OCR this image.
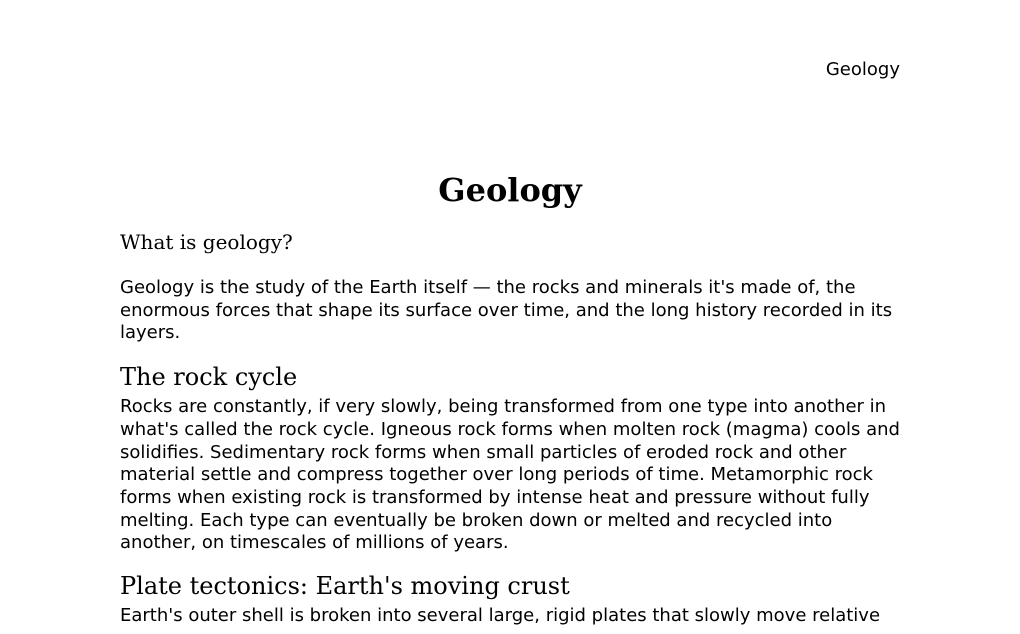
Geology

Geology

What is geology?

Geology is the study of the Earth itself — the rocks and minerals it's made of, the enormous forces that shape its surface over time, and the long history recorded in its layers.

The rock cycle

Rocks are constantly, if very slowly, being transformed from one type into another in what's called the rock cycle. Igneous rock forms when molten rock (magma) cools and solidifies. Sedimentary rock forms when small particles of eroded rock and other material settle and compress together over long periods of time. Metamorphic rock forms when existing rock is transformed by intense heat and pressure without fully melting. Each type can eventually be broken down or melted and recycled into another, on timescales of millions of years.

Plate tectonics: Earth's moving crust

Earth's outer shell is broken into several large, rigid plates that slowly move relative
